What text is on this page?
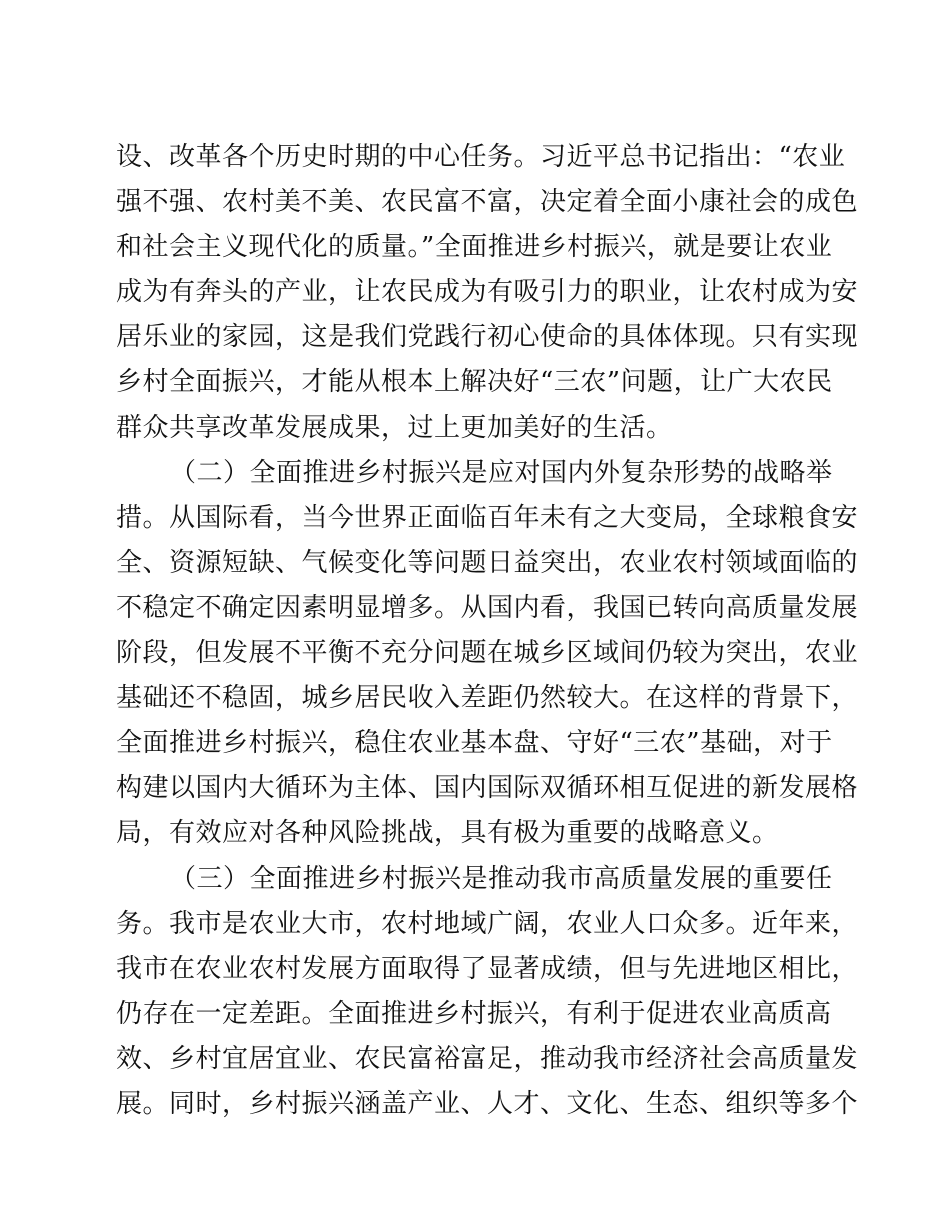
设、改革各个历史时期的中心任务。习近平总书记指出：“农业
强不强、农村美不美、农民富不富，决定着全面小康社会的成色
和社会主义现代化的质量。”全面推进乡村振兴，就是要让农业
成为有奔头的产业，让农民成为有吸引力的职业，让农村成为安
居乐业的家园，这是我们党践行初心使命的具体体现。只有实现
乡村全面振兴，才能从根本上解决好“三农”问题，让广大农民
群众共享改革发展成果，过上更加美好的生活。
（二）全面推进乡村振兴是应对国内外复杂形势的战略举
措。从国际看，当今世界正面临百年未有之大变局，全球粮食安
全、资源短缺、气候变化等问题日益突出，农业农村领域面临的
不稳定不确定因素明显增多。从国内看，我国已转向高质量发展
阶段，但发展不平衡不充分问题在城乡区域间仍较为突出，农业
基础还不稳固，城乡居民收入差距仍然较大。在这样的背景下，
全面推进乡村振兴，稳住农业基本盘、守好“三农”基础，对于
构建以国内大循环为主体、国内国际双循环相互促进的新发展格
局，有效应对各种风险挑战，具有极为重要的战略意义。
（三）全面推进乡村振兴是推动我市高质量发展的重要任
务。我市是农业大市，农村地域广阔，农业人口众多。近年来，
我市在农业农村发展方面取得了显著成绩，但与先进地区相比，
仍存在一定差距。全面推进乡村振兴，有利于促进农业高质高
效、乡村宜居宜业、农民富裕富足，推动我市经济社会高质量发
展。同时，乡村振兴涵盖产业、人才、文化、生态、组织等多个
